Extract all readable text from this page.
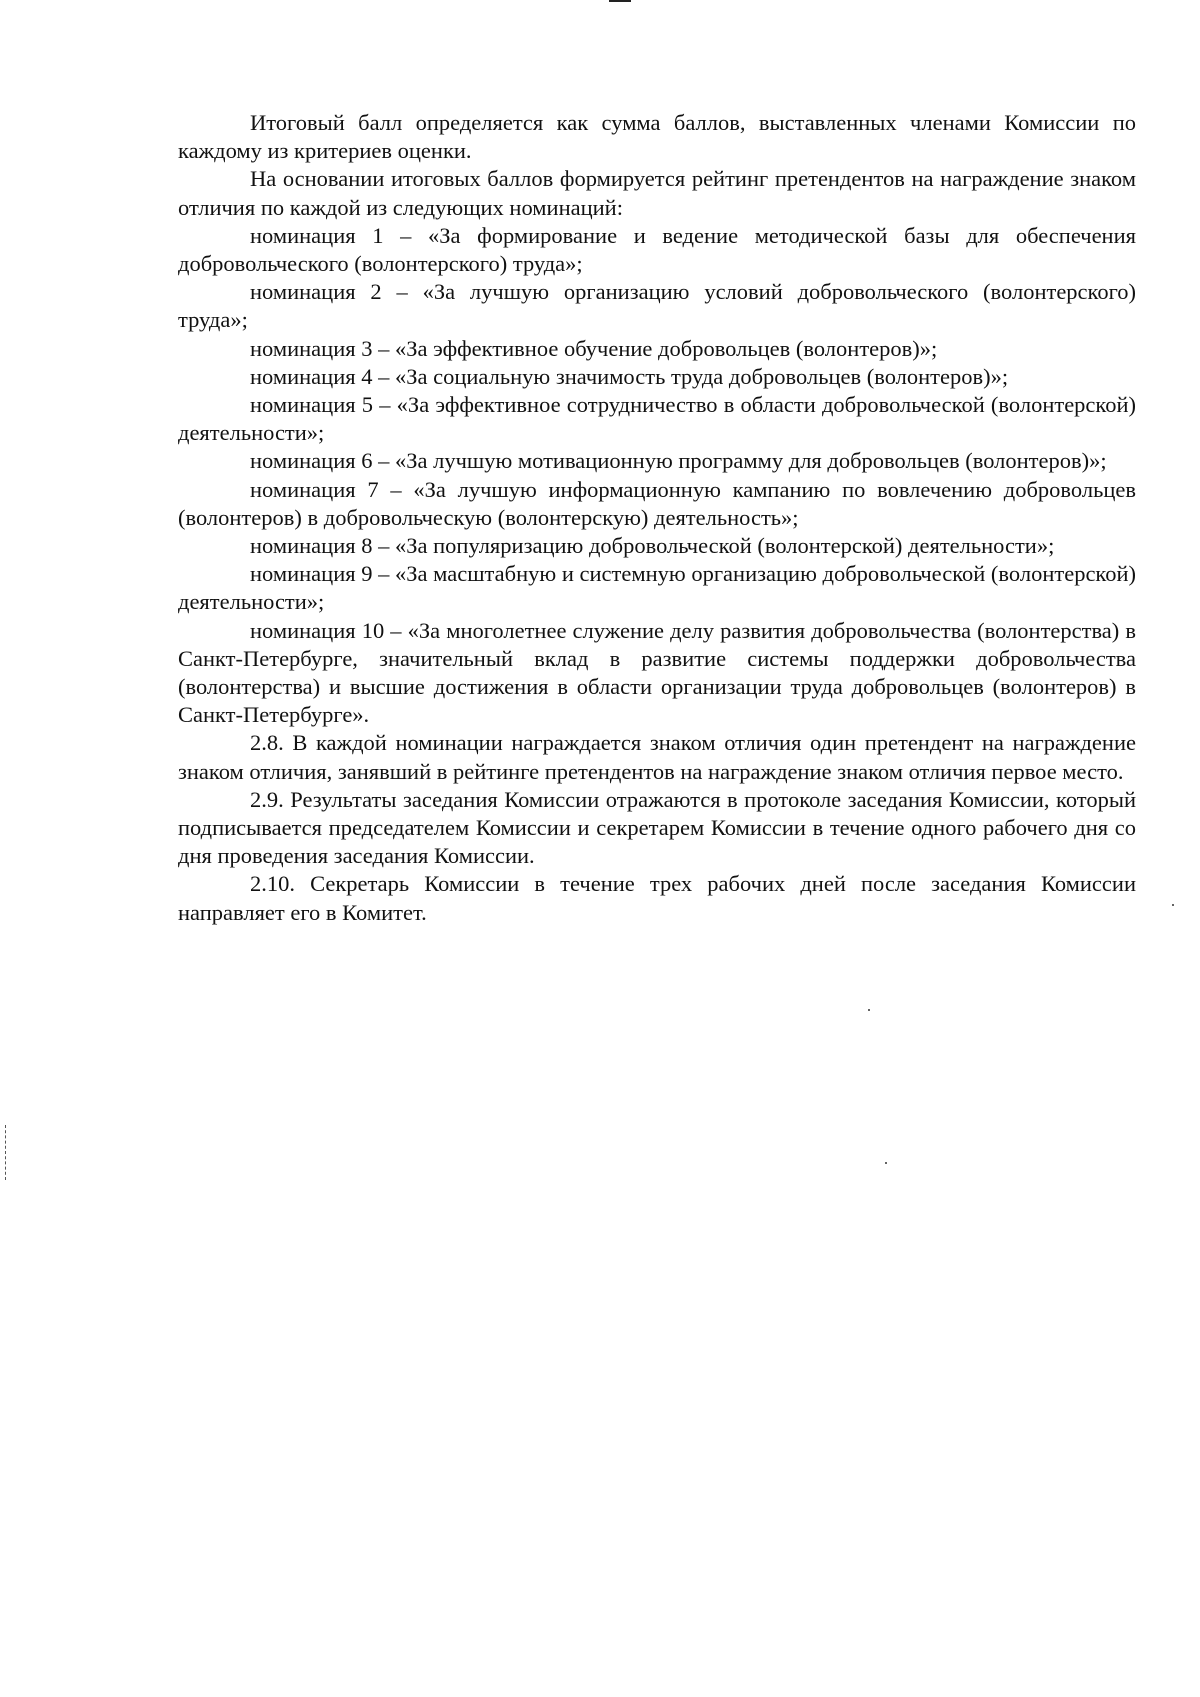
Итоговый балл определяется как сумма баллов, выставленных членами Комиссии по каждому из критериев оценки.

На основании итоговых баллов формируется рейтинг претендентов на награждение знаком отличия по каждой из следующих номинаций:

номинация 1 – «За формирование и ведение методической базы для обеспечения добровольческого (волонтерского) труда»;

номинация 2 – «За лучшую организацию условий добровольческого (волонтерского) труда»;

номинация 3 – «За эффективное обучение добровольцев (волонтеров)»;

номинация 4 – «За социальную значимость труда добровольцев (волонтеров)»;

номинация 5 – «За эффективное сотрудничество в области добровольческой (волонтерской) деятельности»;

номинация 6 – «За лучшую мотивационную программу для добровольцев (волонтеров)»;

номинация 7 – «За лучшую информационную кампанию по вовлечению добровольцев (волонтеров) в добровольческую (волонтерскую) деятельность»;

номинация 8 – «За популяризацию добровольческой (волонтерской) деятельности»;

номинация 9 – «За масштабную и системную организацию добровольческой (волонтерской) деятельности»;

номинация 10 – «За многолетнее служение делу развития добровольчества (волонтерства) в Санкт-Петербурге, значительный вклад в развитие системы поддержки добровольчества (волонтерства) и высшие достижения в области организации труда добровольцев (волонтеров) в Санкт-Петербурге».

2.8. В каждой номинации награждается знаком отличия один претендент на награждение знаком отличия, занявший в рейтинге претендентов на награждение знаком отличия первое место.

2.9. Результаты заседания Комиссии отражаются в протоколе заседания Комиссии, который подписывается председателем Комиссии и секретарем Комиссии в течение одного рабочего дня со дня проведения заседания Комиссии.

2.10. Секретарь Комиссии в течение трех рабочих дней после заседания Комиссии направляет его в Комитет.
